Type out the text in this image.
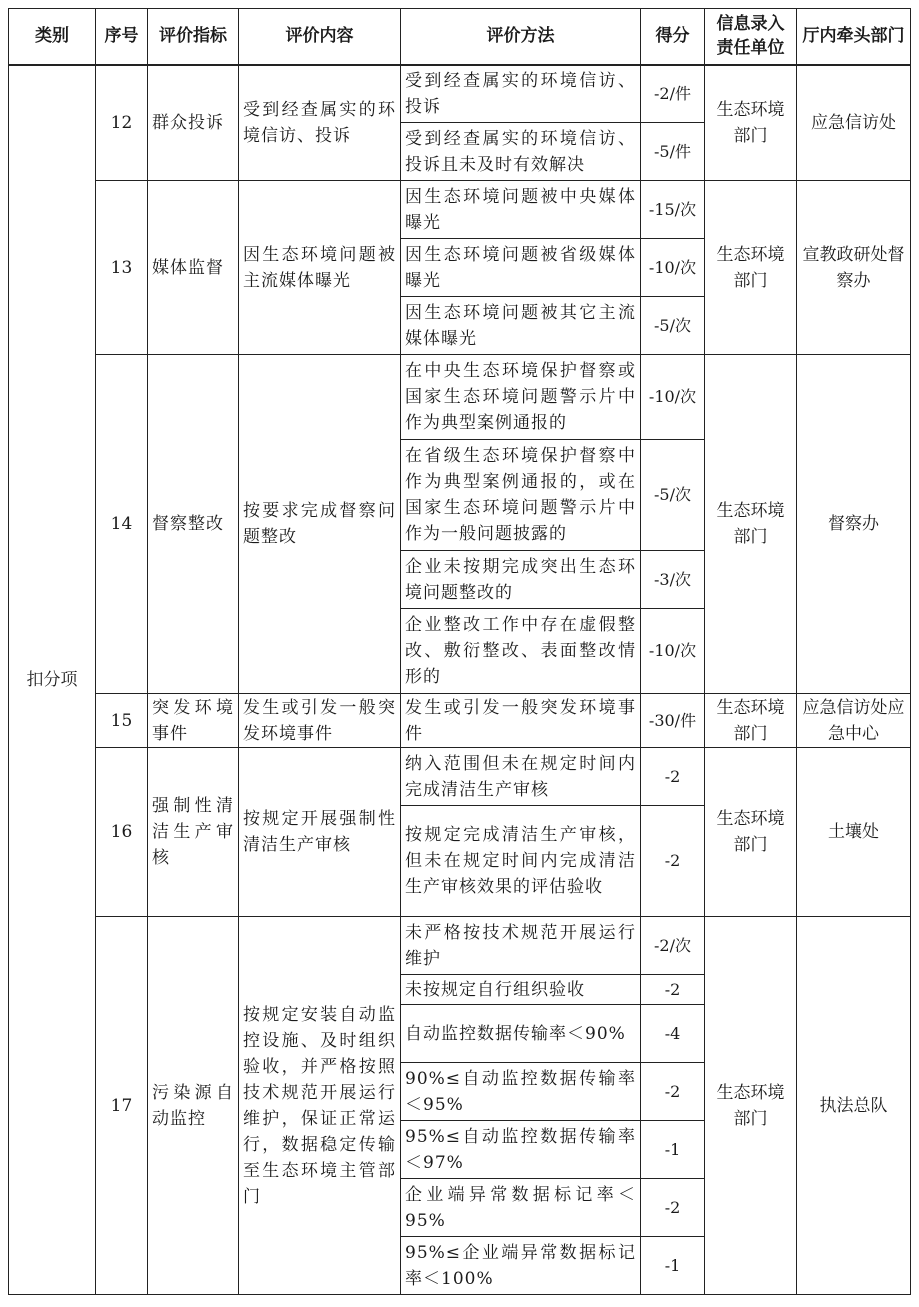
类别	序号	评价指标	评价内容	评价方法	得分	信息录入责任单位	厅内牵头部门
扣分项	12	群众投诉	受到经查属实的环境信访、投诉	受到经查属实的环境信访、投诉	-2/件	生态环境部门	应急信访处
				受到经查属实的环境信访、投诉且未及时有效解决	-5/件		
	13	媒体监督	因生态环境问题被主流媒体曝光	因生态环境问题被中央媒体曝光	-15/次	生态环境部门	宣教政研处督察办
				因生态环境问题被省级媒体曝光	-10/次		
				因生态环境问题被其它主流媒体曝光	-5/次		
	14	督察整改	按要求完成督察问题整改	在中央生态环境保护督察或国家生态环境问题警示片中作为典型案例通报的	-10/次	生态环境部门	督察办
				在省级生态环境保护督察中作为典型案例通报的，或在国家生态环境问题警示片中作为一般问题披露的	-5/次		
				企业未按期完成突出生态环境问题整改的	-3/次		
				企业整改工作中存在虚假整改、敷衍整改、表面整改情形的	-10/次		
	15	突发环境事件	发生或引发一般突发环境事件	发生或引发一般突发环境事件	-30/件	生态环境部门	应急信访处应急中心
	16	强制性清洁生产审核	按规定开展强制性清洁生产审核	纳入范围但未在规定时间内完成清洁生产审核	-2	生态环境部门	土壤处
				按规定完成清洁生产审核，但未在规定时间内完成清洁生产审核效果的评估验收	-2		
	17	污染源自动监控	按规定安装自动监控设施、及时组织验收，并严格按照技术规范开展运行维护，保证正常运行，数据稳定传输至生态环境主管部门	未严格按技术规范开展运行维护	-2/次	生态环境部门	执法总队
				未按规定自行组织验收	-2		
				自动监控数据传输率＜90%	-4		
				90%≤自动监控数据传输率＜95%	-2		
				95%≤自动监控数据传输率＜97%	-1		
				企业端异常数据标记率＜95%	-2		
				95%≤企业端异常数据标记率＜100%	-1		
